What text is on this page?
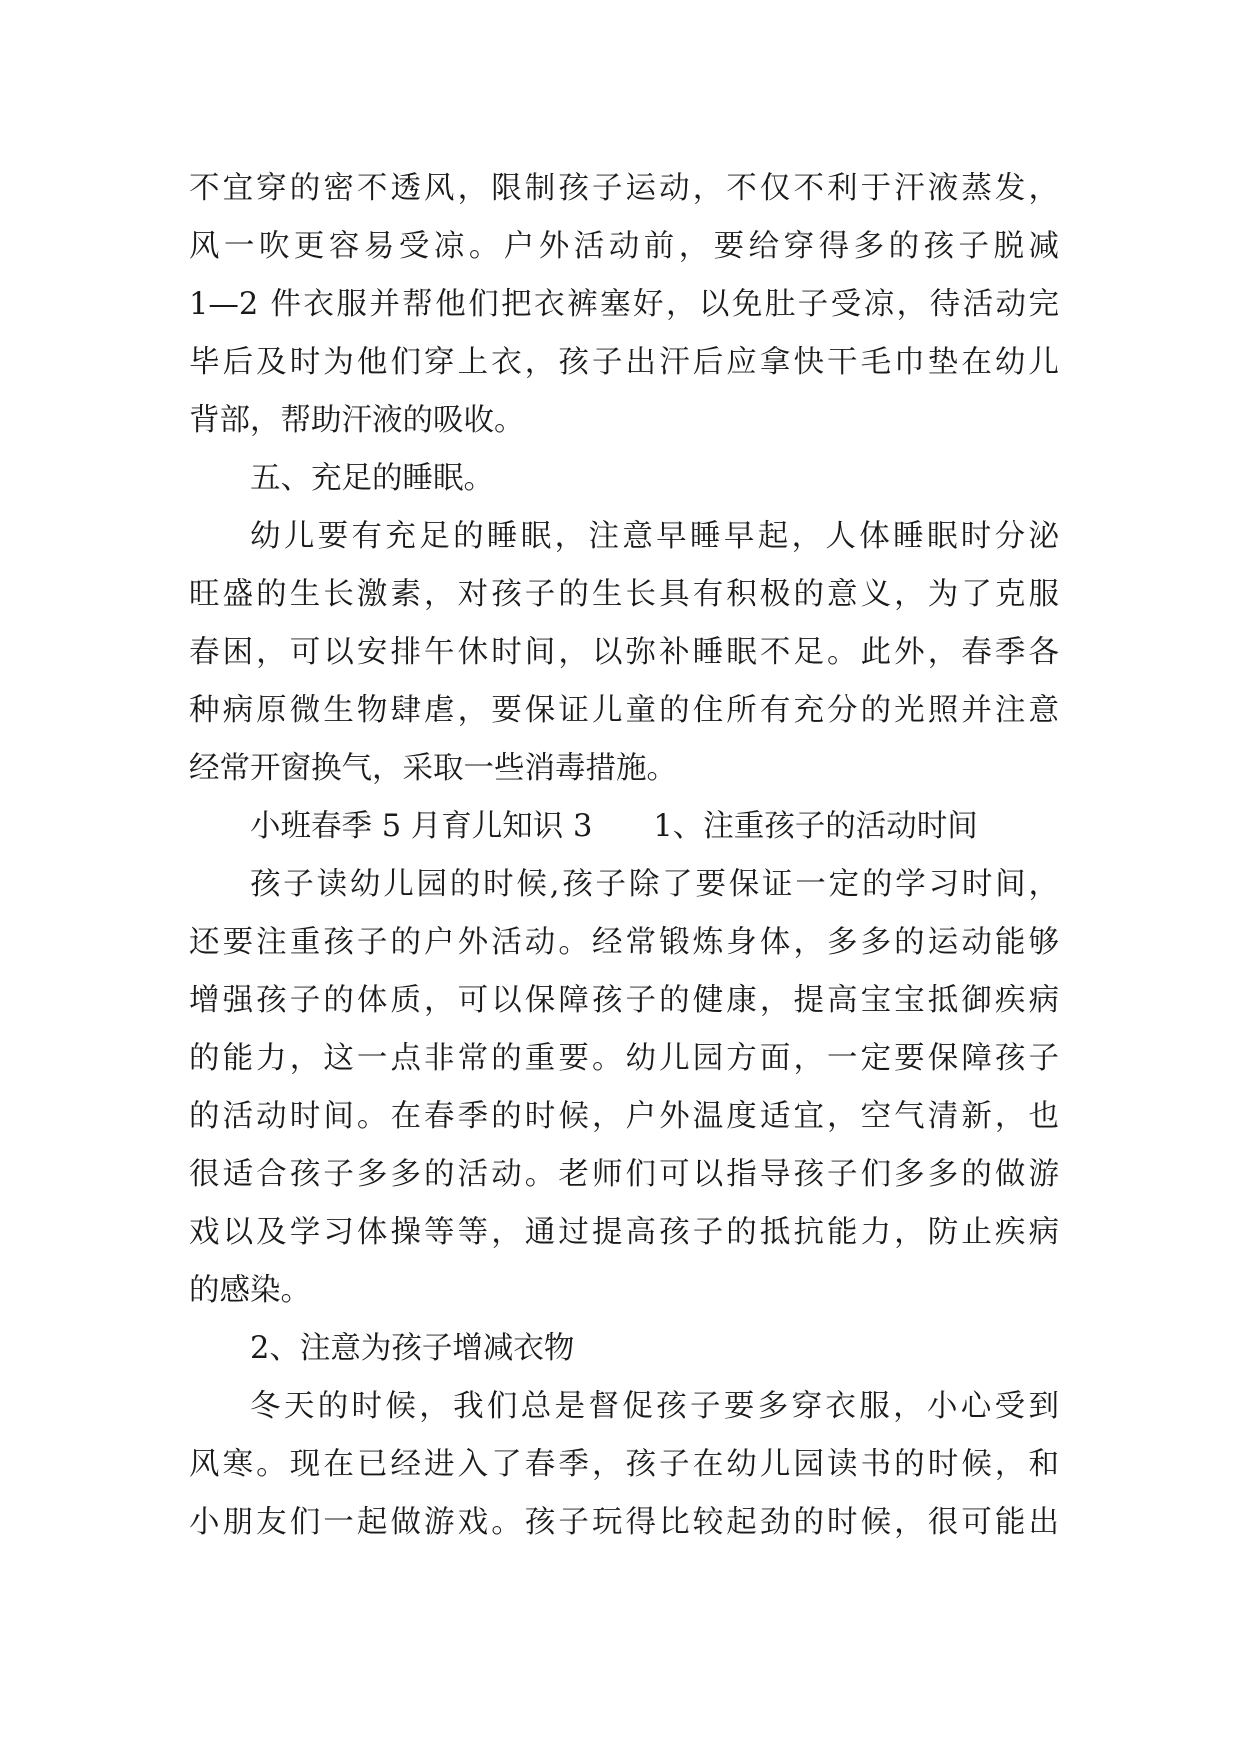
不宜穿的密不透风，限制孩子运动，不仅不利于汗液蒸发，
风一吹更容易受凉。户外活动前，要给穿得多的孩子脱减
1—2 件衣服并帮他们把衣裤塞好，以免肚子受凉，待活动完
毕后及时为他们穿上衣，孩子出汗后应拿快干毛巾垫在幼儿
背部，帮助汗液的吸收。
五、充足的睡眠。
幼儿要有充足的睡眠，注意早睡早起，人体睡眠时分泌
旺盛的生长激素，对孩子的生长具有积极的意义，为了克服
春困，可以安排午休时间，以弥补睡眠不足。此外，春季各
种病原微生物肆虐，要保证儿童的住所有充分的光照并注意
经常开窗换气，采取一些消毒措施。
小班春季 5 月育儿知识 3　　1、注重孩子的活动时间
孩子读幼儿园的时候,孩子除了要保证一定的学习时间，
还要注重孩子的户外活动。经常锻炼身体，多多的运动能够
增强孩子的体质，可以保障孩子的健康，提高宝宝抵御疾病
的能力，这一点非常的重要。幼儿园方面，一定要保障孩子
的活动时间。在春季的时候，户外温度适宜，空气清新，也
很适合孩子多多的活动。老师们可以指导孩子们多多的做游
戏以及学习体操等等，通过提高孩子的抵抗能力，防止疾病
的感染。
2、注意为孩子增减衣物
冬天的时候，我们总是督促孩子要多穿衣服，小心受到
风寒。现在已经进入了春季，孩子在幼儿园读书的时候，和
小朋友们一起做游戏。孩子玩得比较起劲的时候，很可能出
